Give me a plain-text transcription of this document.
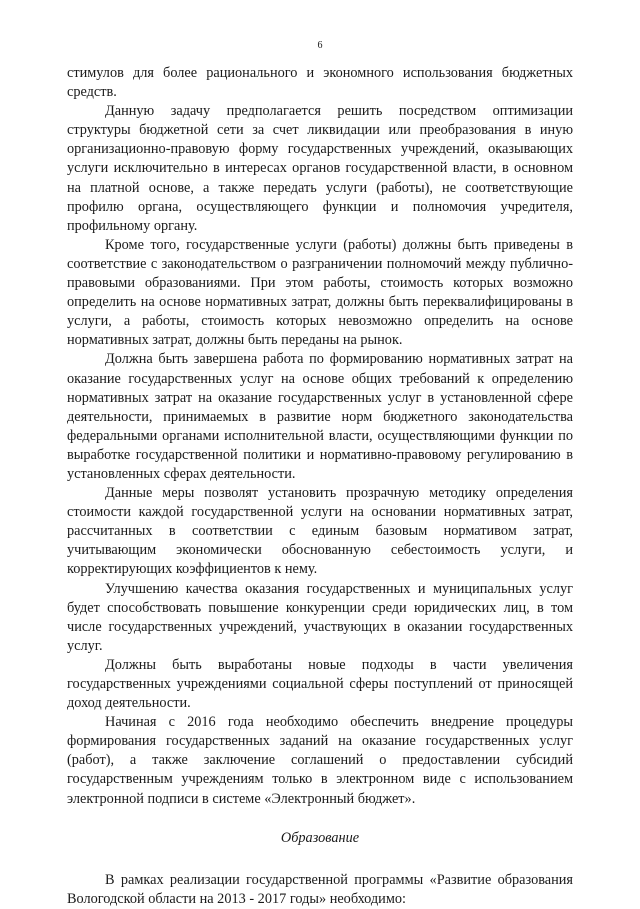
6

стимулов для более рационального и экономного использования бюджетных средств.

Данную задачу предполагается решить посредством оптимизации структуры бюджетной сети за счет ликвидации или преобразования в иную организационно-правовую форму государственных учреждений, оказывающих услуги исключительно в интересах органов государственной власти, в основном на платной основе, а также передать услуги (работы), не соответствующие профилю органа, осуществляющего функции и полномочия учредителя, профильному органу.

Кроме того, государственные услуги (работы) должны быть приведены в соответствие с законодательством о разграничении полномочий между публично-правовыми образованиями. При этом работы, стоимость которых возможно определить на основе нормативных затрат, должны быть переквалифицированы в услуги, а работы, стоимость которых невозможно определить на основе нормативных затрат, должны быть переданы на рынок.

Должна быть завершена работа по формированию нормативных затрат на оказание государственных услуг на основе общих требований к определению нормативных затрат на оказание государственных услуг в установленной сфере деятельности, принимаемых в развитие норм бюджетного законодательства федеральными органами исполнительной власти, осуществляющими функции по выработке государственной политики и нормативно-правовому регулированию в установленных сферах деятельности.

Данные меры позволят установить прозрачную методику определения стоимости каждой государственной услуги на основании нормативных затрат, рассчитанных в соответствии с единым базовым нормативом затрат, учитывающим экономически обоснованную себестоимость услуги, и корректирующих коэффициентов к нему.

Улучшению качества оказания государственных и муниципальных услуг будет способствовать повышение конкуренции среди юридических лиц, в том числе государственных учреждений, участвующих в оказании государственных услуг.

Должны быть выработаны новые подходы в части увеличения государственных учреждениями социальной сферы поступлений от приносящей доход деятельности.

Начиная с 2016 года необходимо обеспечить внедрение процедуры формирования государственных заданий на оказание государственных услуг (работ), а также заключение соглашений о предоставлении субсидий государственным учреждениям только в электронном виде с использованием электронной подписи в системе «Электронный бюджет».

Образование

В рамках реализации государственной программы «Развитие образования Вологодской области на 2013 - 2017 годы» необходимо:
